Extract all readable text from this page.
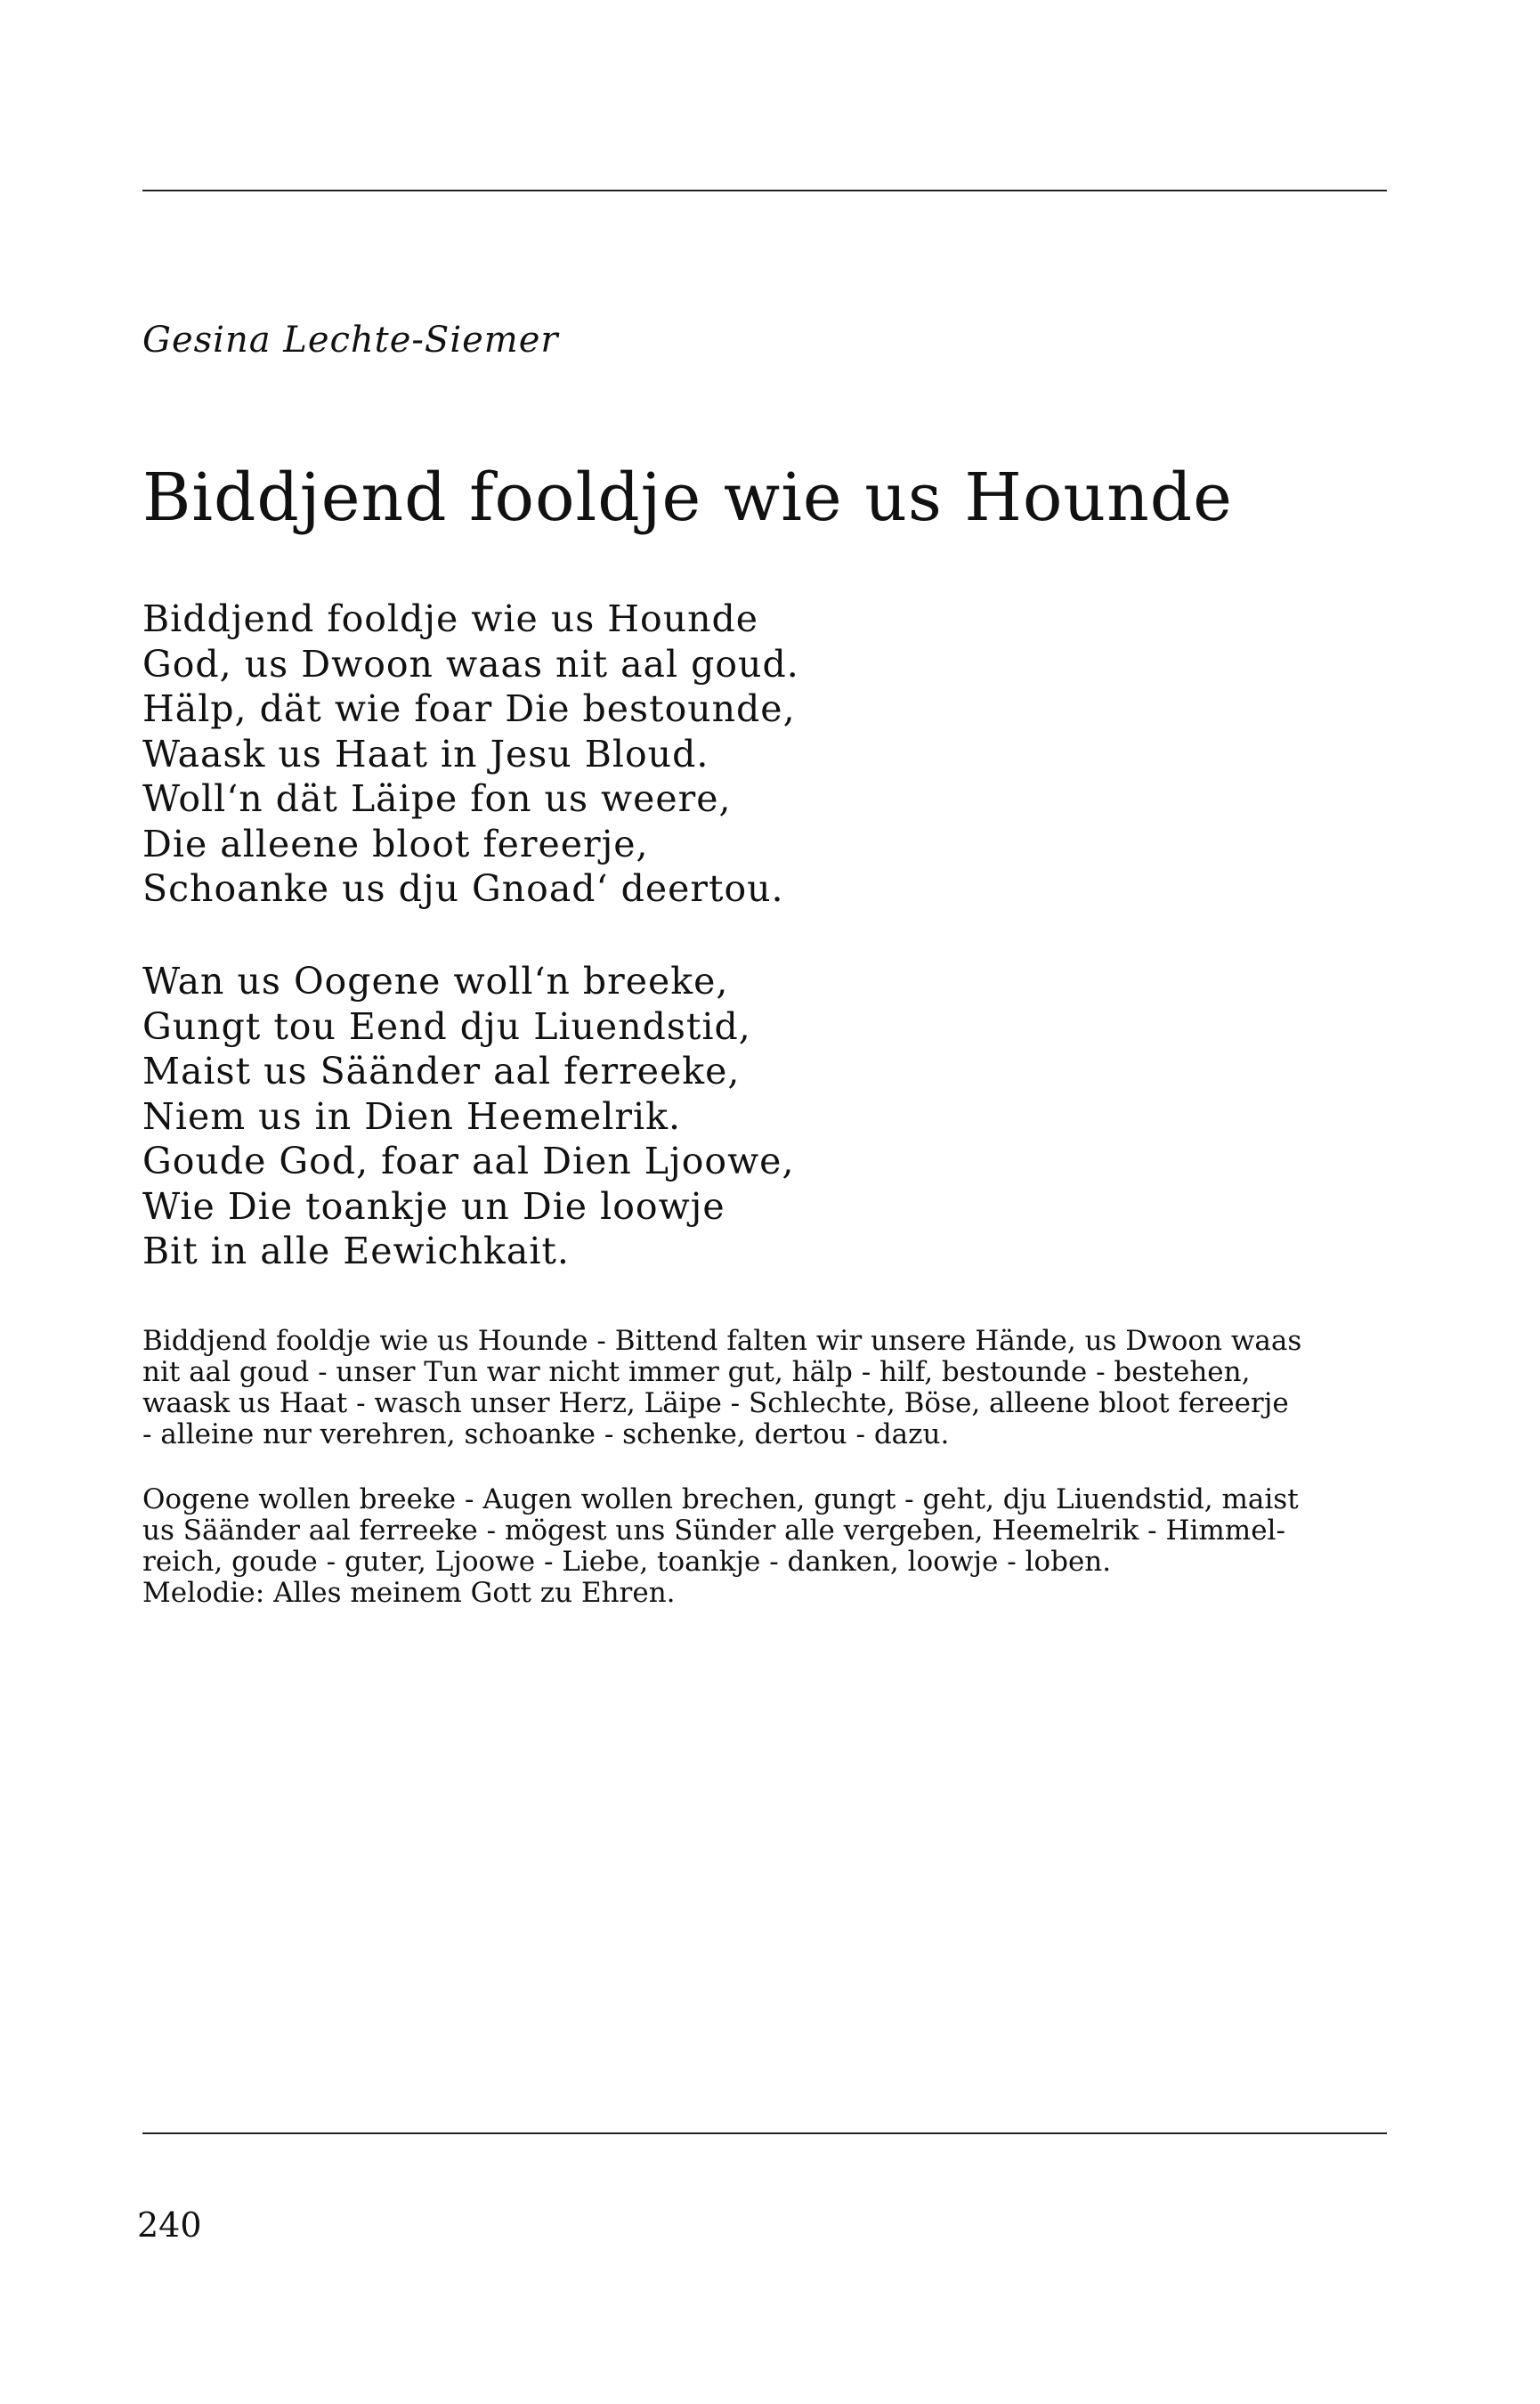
Gesina Lechte-Siemer
Biddjend fooldje wie us Hounde
Biddjend fooldje wie us Hounde
God, us Dwoon waas nit aal goud.
Hälp, dät wie foar Die bestounde,
Waask us Haat in Jesu Bloud.
Woll‘n dät Läipe fon us weere,
Die alleene bloot fereerje,
Schoanke us dju Gnoad‘ deertou.
Wan us Oogene woll‘n breeke,
Gungt tou Eend dju Liuendstid,
Maist us Säänder aal ferreeke,
Niem us in Dien Heemelrik.
Goude God, foar aal Dien Ljoowe,
Wie Die toankje un Die loowje
Bit in alle Eewichkait.
Biddjend fooldje wie us Hounde - Bittend falten wir unsere Hände, us Dwoon waas
nit aal goud - unser Tun war nicht immer gut, hälp - hilf, bestounde - bestehen,
waask us Haat - wasch unser Herz, Läipe - Schlechte, Böse, alleene bloot fereerje
- alleine nur verehren, schoanke - schenke, dertou - dazu.
Oogene wollen breeke - Augen wollen brechen, gungt - geht, dju Liuendstid, maist
us Säänder aal ferreeke - mögest uns Sünder alle vergeben, Heemelrik - Himmel-
reich, goude - guter, Ljoowe - Liebe, toankje - danken, loowje - loben.
Melodie: Alles meinem Gott zu Ehren.
240
